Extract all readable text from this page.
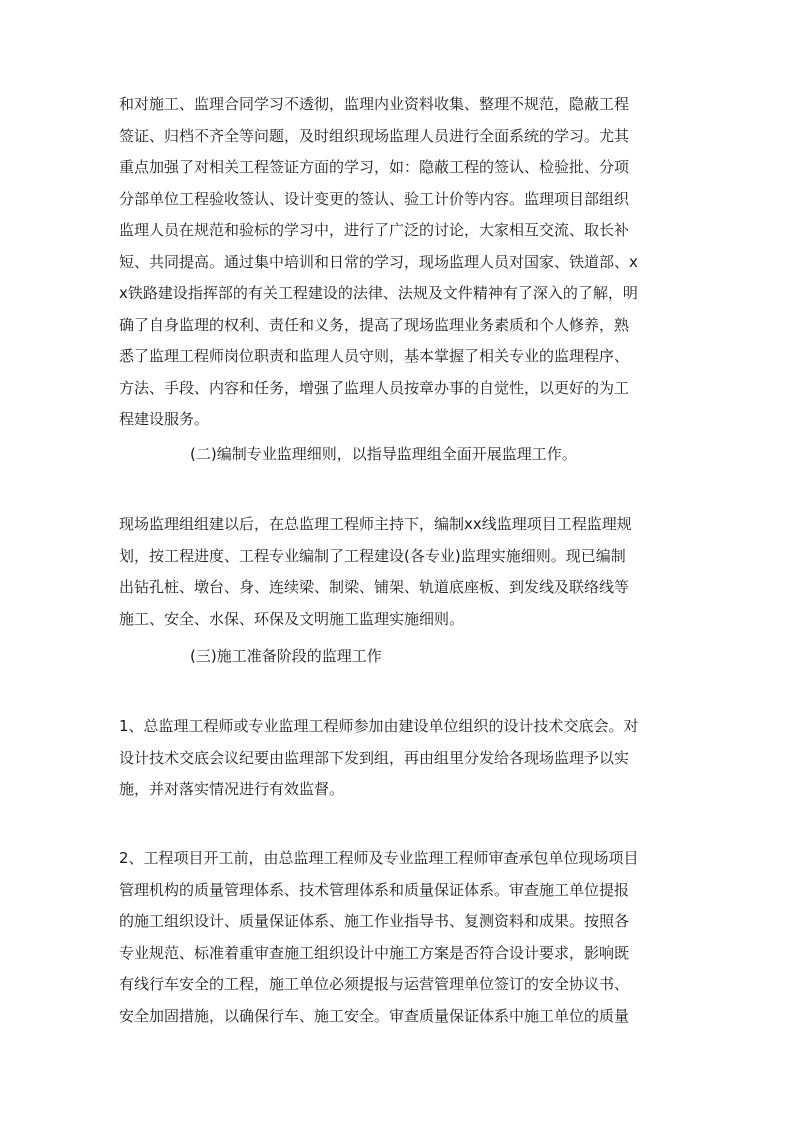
和对施工、监理合同学习不透彻，监理内业资料收集、整理不规范，隐蔽工程
签证、归档不齐全等问题，及时组织现场监理人员进行全面系统的学习。尤其
重点加强了对相关工程签证方面的学习，如：隐蔽工程的签认、检验批、分项
分部单位工程验收签认、设计变更的签认、验工计价等内容。监理项目部组织
监理人员在规范和验标的学习中，进行了广泛的讨论，大家相互交流、取长补
短、共同提高。通过集中培训和日常的学习，现场监理人员对国家、铁道部、x
x铁路建设指挥部的有关工程建设的法律、法规及文件精神有了深入的了解，明
确了自身监理的权利、责任和义务，提高了现场监理业务素质和个人修养，熟
悉了监理工程师岗位职责和监理人员守则，基本掌握了相关专业的监理程序、
方法、手段、内容和任务，增强了监理人员按章办事的自觉性，以更好的为工
程建设服务。
(二)编制专业监理细则，以指导监理组全面开展监理工作。
现场监理组组建以后，在总监理工程师主持下，编制xx线监理项目工程监理规
划，按工程进度、工程专业编制了工程建设(各专业)监理实施细则。现已编制
出钻孔桩、墩台、身、连续梁、制梁、铺架、轨道底座板、到发线及联络线等
施工、安全、水保、环保及文明施工监理实施细则。
(三)施工准备阶段的监理工作
1、总监理工程师或专业监理工程师参加由建设单位组织的设计技术交底会。对
设计技术交底会议纪要由监理部下发到组，再由组里分发给各现场监理予以实
施，并对落实情况进行有效监督。
2、工程项目开工前，由总监理工程师及专业监理工程师审查承包单位现场项目
管理机构的质量管理体系、技术管理体系和质量保证体系。审查施工单位提报
的施工组织设计、质量保证体系、施工作业指导书、复测资料和成果。按照各
专业规范、标准着重审查施工组织设计中施工方案是否符合设计要求，影响既
有线行车安全的工程，施工单位必须提报与运营管理单位签订的安全协议书、
安全加固措施，以确保行车、施工安全。审查质量保证体系中施工单位的质量
